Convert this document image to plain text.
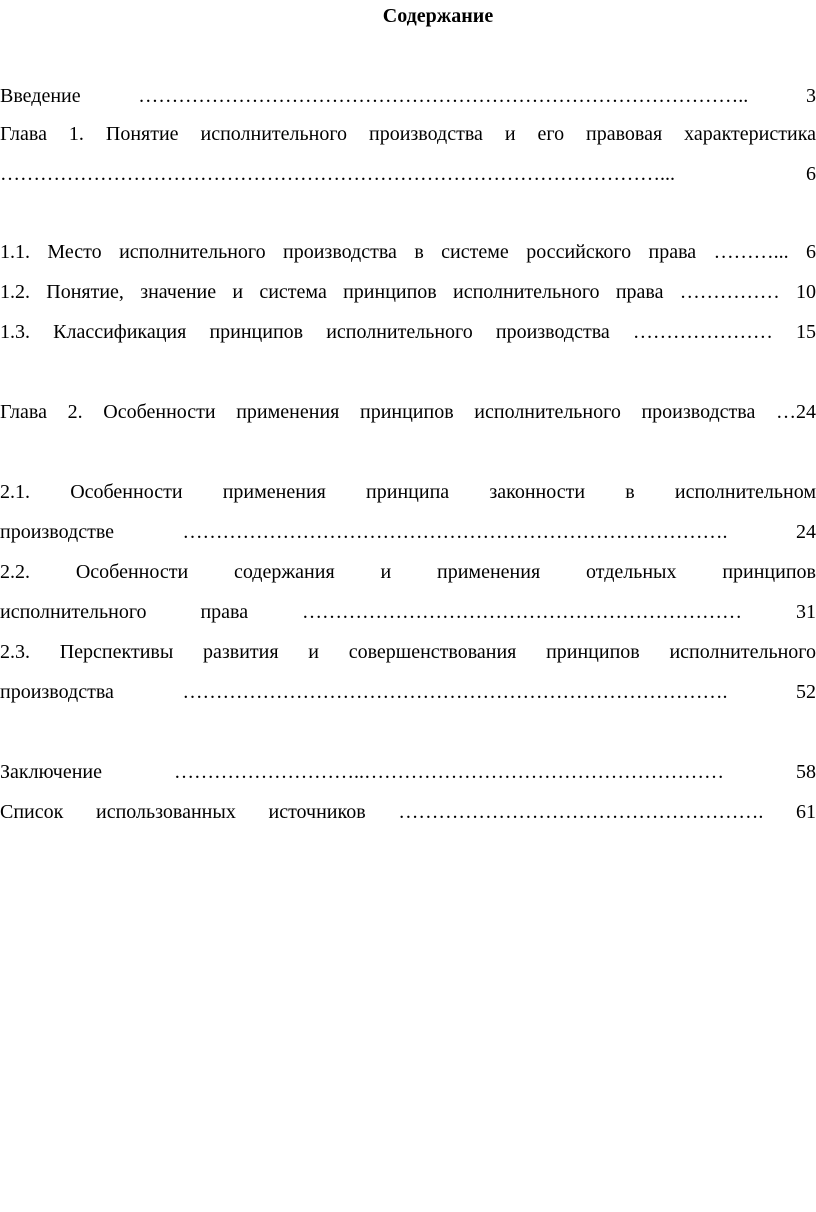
Содержание
Введение ……………………………………………………………………………….. 3
Глава 1. Понятие исполнительного производства и его правовая характеристика
………………………………………………………………………………………... 6
1.1. Место исполнительного производства в системе российского права ………... 6
1.2. Понятие, значение и система принципов исполнительного права …………… 10
1.3. Классификация принципов исполнительного производства ………………… 15
Глава 2. Особенности применения принципов исполнительного производства …24
2.1. Особенности применения принципа законности в исполнительном
производстве ………………………………………………………………………. 24
2.2. Особенности содержания и применения отдельных принципов
исполнительного права ………………………………………………………… 31
2.3. Перспективы развития и совершенствования принципов исполнительного
производства ………………………………………………………………………. 52
Заключение ………………………..……………………………………………… 58
Список использованных источников ………………………………………………. 61
